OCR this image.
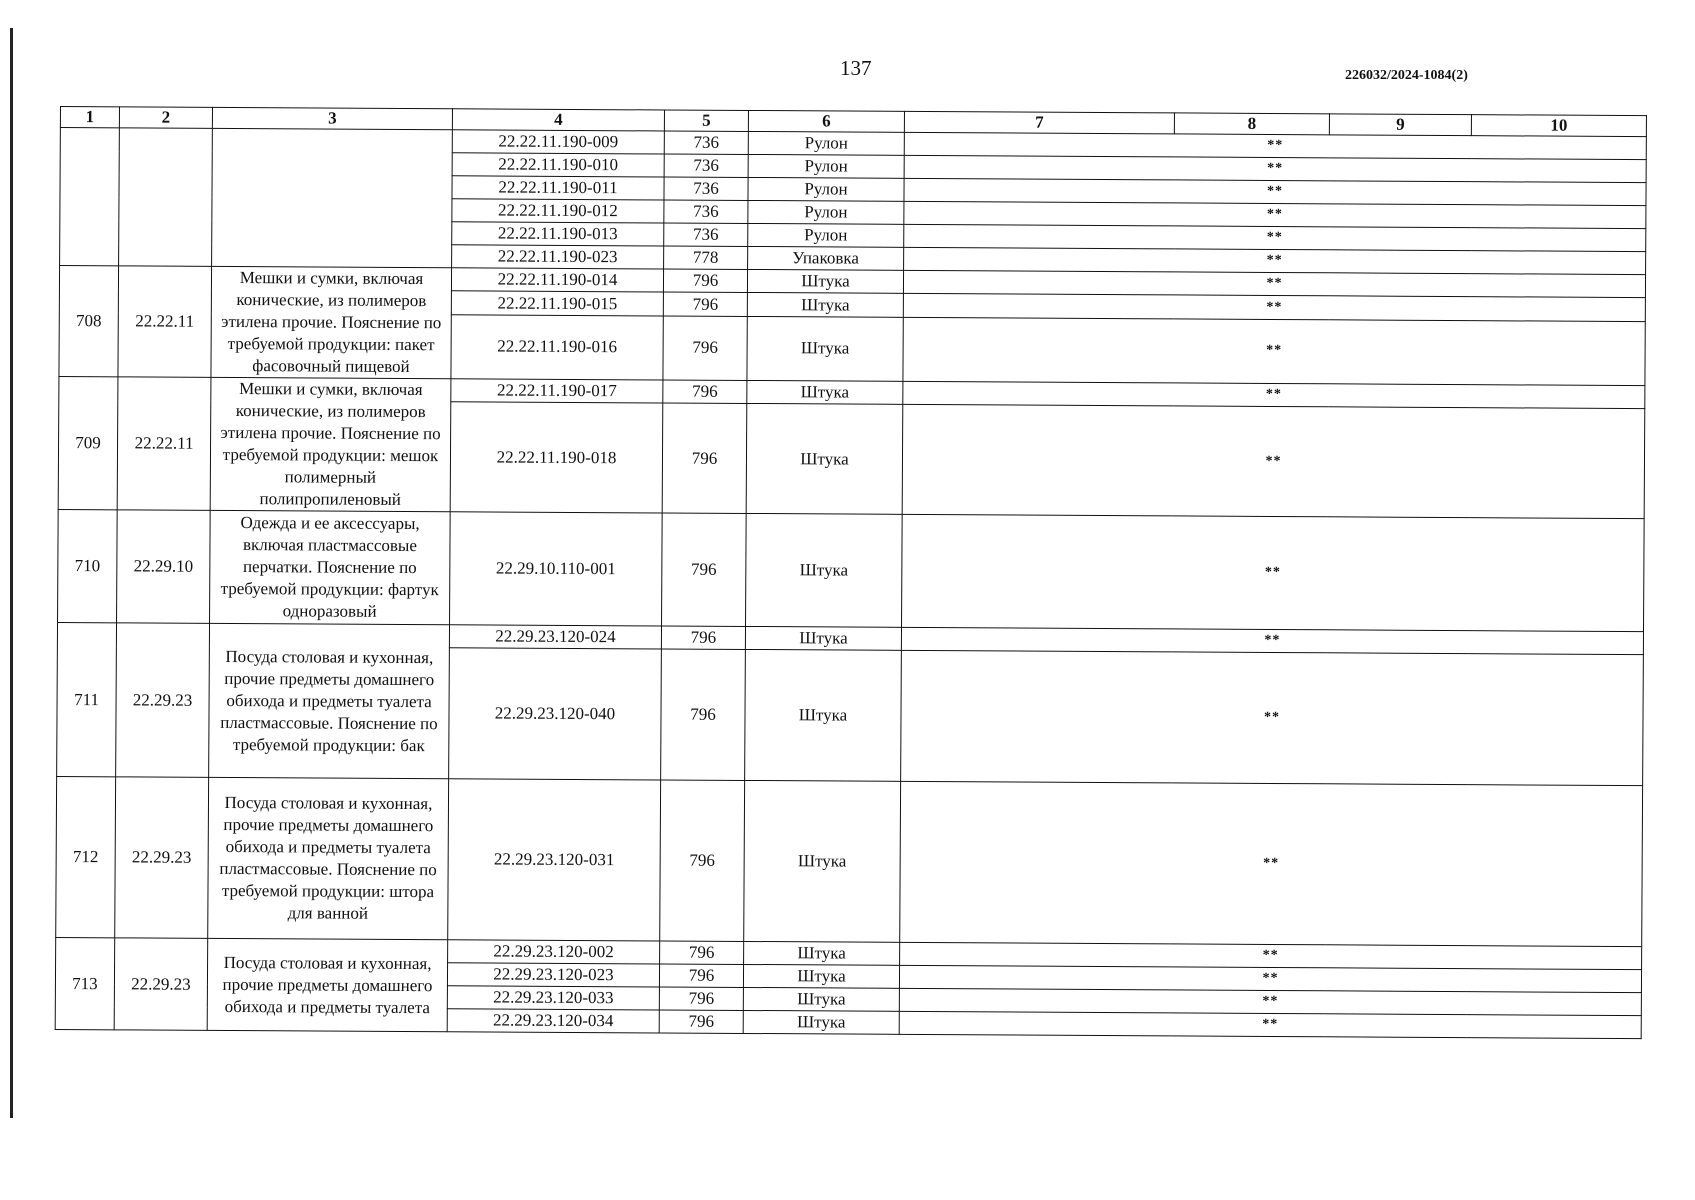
137	226032/2024-1084(2)
1	2	3	4	5	6	7	8	9	10
			22.22.11.190-009	736	Рулон	**			
			22.22.11.190-010	736	Рулон	**			
			22.22.11.190-011	736	Рулон	**			
			22.22.11.190-012	736	Рулон	**			
			22.22.11.190-013	736	Рулон	**			
			22.22.11.190-023	778	Упаковка	**			
708	22.22.11	Мешки и сумки, включая конические, из полимеров этилена прочие. Пояснение по требуемой продукции: пакет фасовочный пищевой	22.22.11.190-014	796	Штука	**			
			22.22.11.190-015	796	Штука	**			
			22.22.11.190-016	796	Штука	**			
709	22.22.11	Мешки и сумки, включая конические, из полимеров этилена прочие. Пояснение по требуемой продукции: мешок полимерный полипропиленовый	22.22.11.190-017	796	Штука	**			
			22.22.11.190-018	796	Штука	**			
710	22.29.10	Одежда и ее аксессуары, включая пластмассовые перчатки. Пояснение по требуемой продукции: фартук одноразовый	22.29.10.110-001	796	Штука	**			
711	22.29.23	Посуда столовая и кухонная, прочие предметы домашнего обихода и предметы туалета пластмассовые. Пояснение по требуемой продукции: бак	22.29.23.120-024	796	Штука	**			
			22.29.23.120-040	796	Штука	**			
712	22.29.23	Посуда столовая и кухонная, прочие предметы домашнего обихода и предметы туалета пластмассовые. Пояснение по требуемой продукции: штора для ванной	22.29.23.120-031	796	Штука	**			
713	22.29.23	Посуда столовая и кухонная, прочие предметы домашнего обихода и предметы туалета	22.29.23.120-002	796	Штука	**			
			22.29.23.120-023	796	Штука	**			
			22.29.23.120-033	796	Штука	**			
			22.29.23.120-034	796	Штука	**			
